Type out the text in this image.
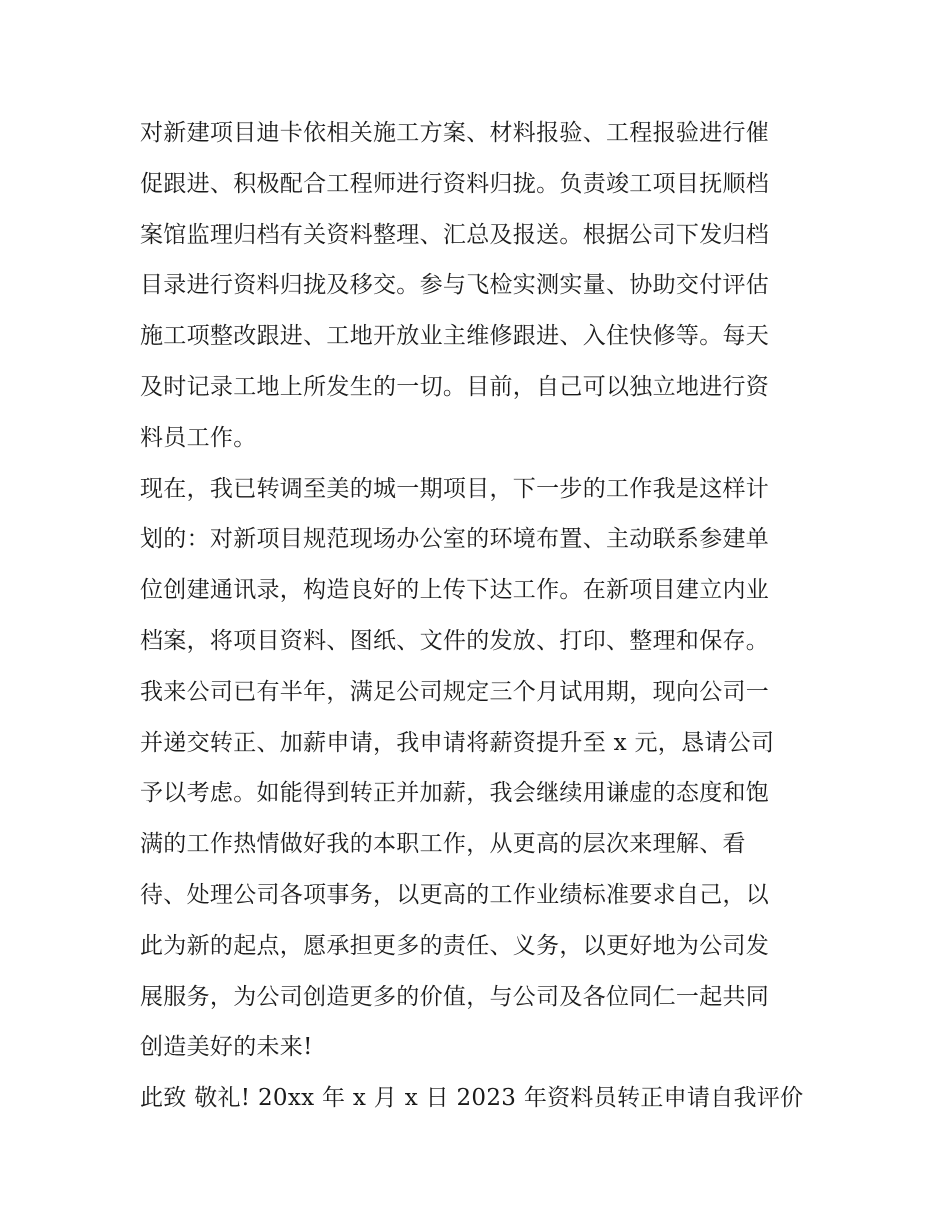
对新建项目迪卡依相关施工方案、材料报验、工程报验进行催
促跟进、积极配合工程师进行资料归拢。负责竣工项目抚顺档
案馆监理归档有关资料整理、汇总及报送。根据公司下发归档
目录进行资料归拢及移交。参与飞检实测实量、协助交付评估
施工项整改跟进、工地开放业主维修跟进、入住快修等。每天
及时记录工地上所发生的一切。目前，自己可以独立地进行资
料员工作。
现在，我已转调至美的城一期项目，下一步的工作我是这样计
划的：对新项目规范现场办公室的环境布置、主动联系参建单
位创建通讯录，构造良好的上传下达工作。在新项目建立内业
档案，将项目资料、图纸、文件的发放、打印、整理和保存。
我来公司已有半年，满足公司规定三个月试用期，现向公司一
并递交转正、加薪申请，我申请将薪资提升至 x 元，恳请公司
予以考虑。如能得到转正并加薪，我会继续用谦虚的态度和饱
满的工作热情做好我的本职工作，从更高的层次来理解、看
待、处理公司各项事务，以更高的工作业绩标准要求自己，以
此为新的起点，愿承担更多的责任、义务，以更好地为公司发
展服务，为公司创造更多的价值，与公司及各位同仁一起共同
创造美好的未来!
此致 敬礼! 20xx 年 x 月 x 日 2023 年资料员转正申请自我评价
